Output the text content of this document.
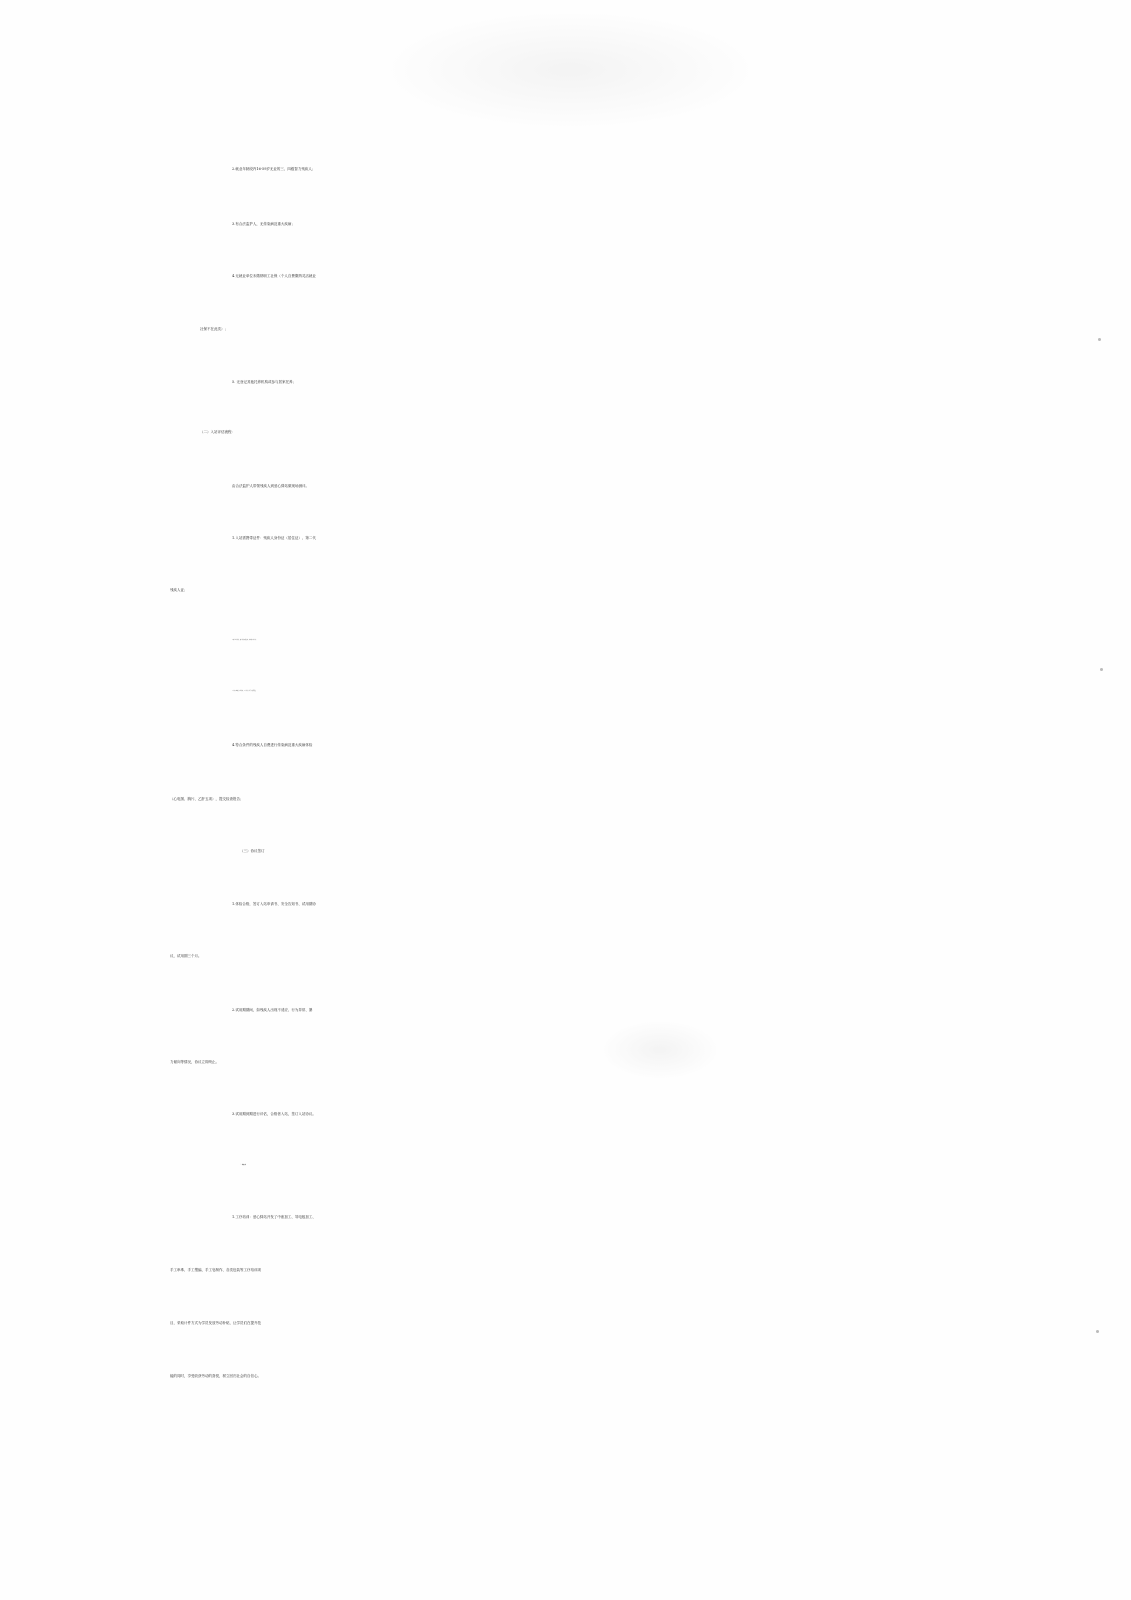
2.就业年龄段内16-59岁无业的三、四级智力残疾人；
3.有合法监护人，无传染病及重大疾病；
4.无就业单位未缴纳职工社保（个人自费缴纳灵活就业
社保不在此类）；
5. 无登记其他托养机构或参与居家托养；
（二）入站评估流程：
由合法监护人带领残疾人到爱心驿站做现场测评。
1.入站需携带证件：残疾人身份证（居住证）、第二代
残疾人证；
2.核实证件信息，填写信息采集表格，现场做入站评估；
3.评估小组确定入驻资格，3个工作日内给予电话回复；
4.符合条件的残疾人自费进行传染病及重大疾病体检
（心电图、胸片、乙肝五项），提交检查报告；
（三）协议签订
1.体检合格，签订入站申请书、安全告知书、试用期协
议，试用期三个月。
2.试用期期间，如残疾人出现不适应、行为异常、暴
力倾向等情况，协议立即终止。
3.试用期到期进行评估，合格者入站，签订入站协议。
三、培训内容
1.工疗培训：爱心驿站开发了中座加工、导电板加工、
手工串珠、手工塑编、手工皂制作、各类包装等工疗培训项
目，采取计件方式为学员发放劳动补贴，让学员们在提升技
能的同时，享受收获劳动的喜悦，树立回归社会的自信心。
